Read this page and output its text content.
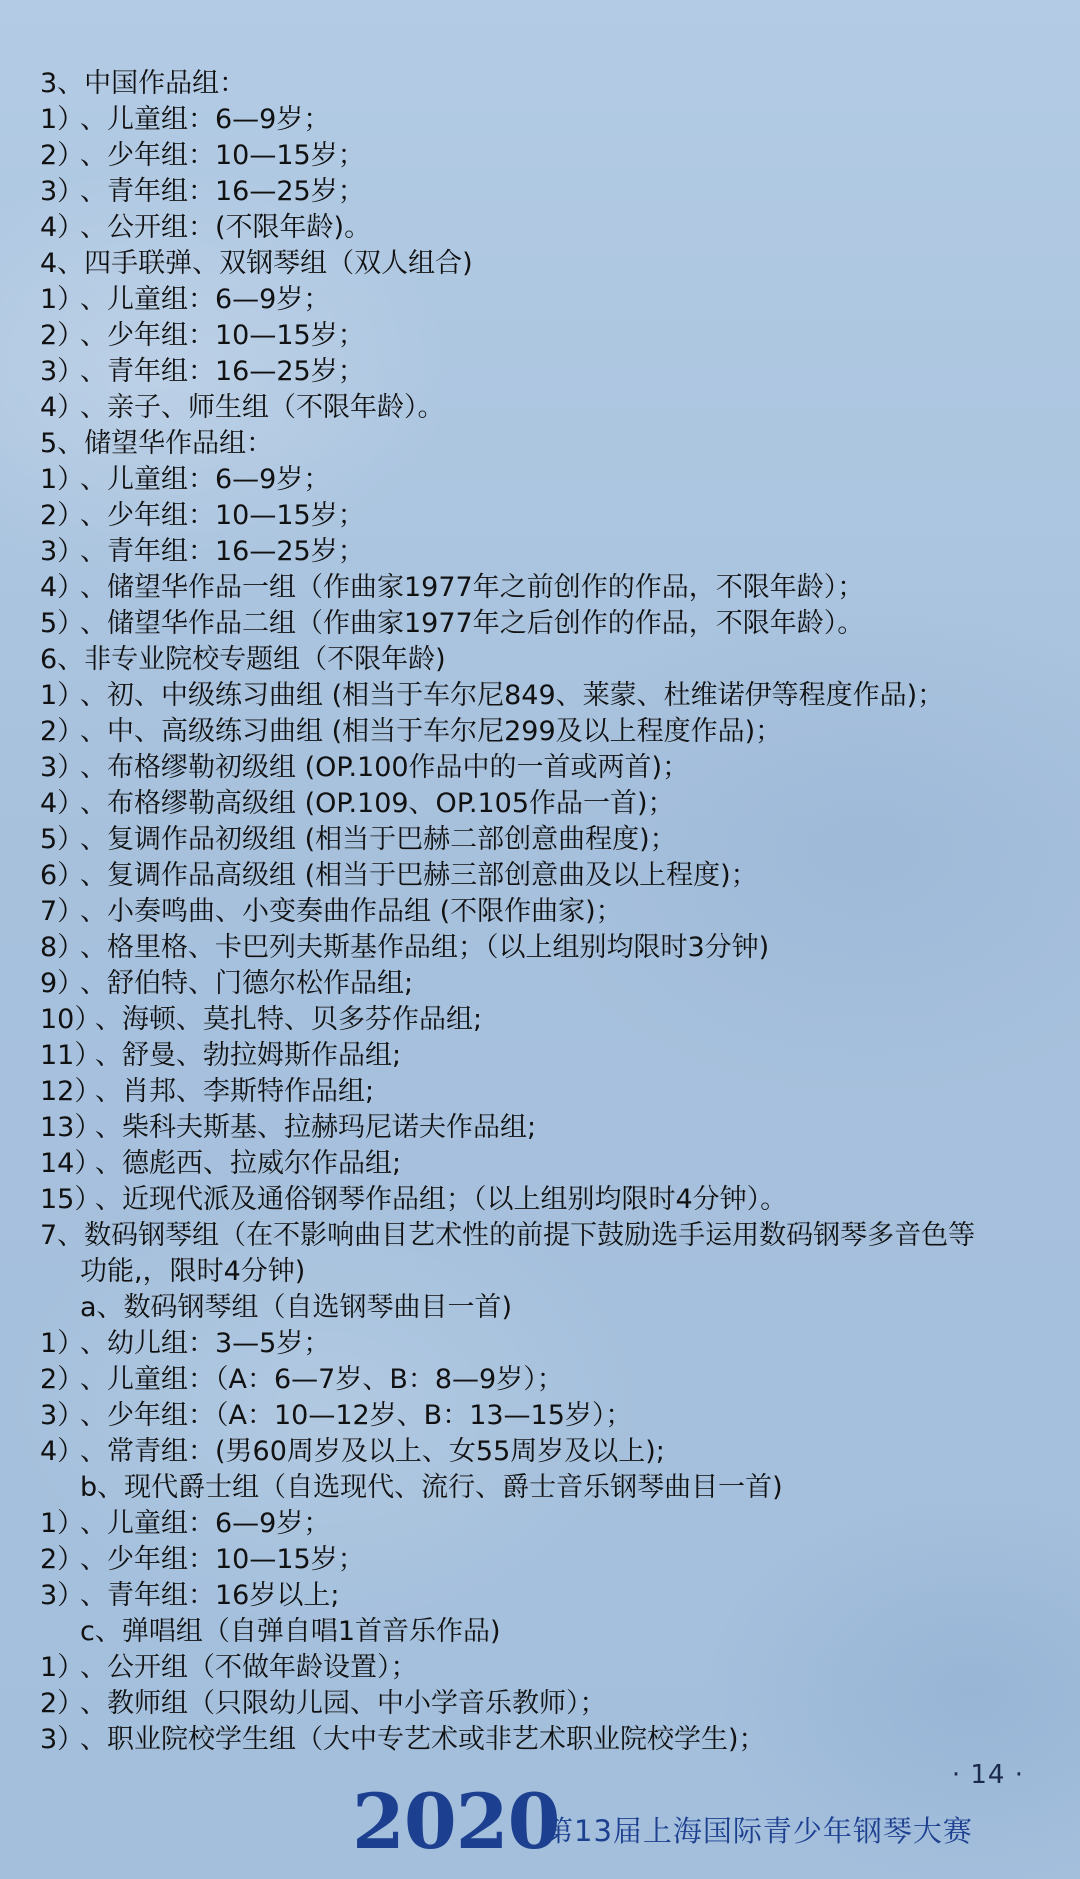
3、中国作品组：
1）
、儿童组：6—9岁；
2）
、少年组：10—15岁；
3）
、青年组：16—25岁；
4）
、公开组：(不限年龄)。
4、四手联弹、双钢琴组（双人组合)
1）
、儿童组：6—9岁；
2）
、少年组：10—15岁；
3）
、青年组：16—25岁；
4）
、亲子、师生组（不限年龄）。
5、储望华作品组：
1）
、儿童组：6—9岁；
2）
、少年组：10—15岁；
3）
、青年组：16—25岁；
4）
、储望华作品一组（作曲家1977年之前创作的作品，不限年龄）；
5）
、储望华作品二组（作曲家1977年之后创作的作品，不限年龄）。
6、非专业院校专题组（不限年龄)
1）
、初、中级练习曲组 (相当于车尔尼849、莱蒙、杜维诺伊等程度作品)；
2）
、中、高级练习曲组 (相当于车尔尼299及以上程度作品)；
3）
、布格缪勒初级组 (OP.100作品中的一首或两首)；
4）
、布格缪勒高级组 (OP.109、OP.105作品一首)；
5）
、复调作品初级组 (相当于巴赫二部创意曲程度)；
6）
、复调作品高级组 (相当于巴赫三部创意曲及以上程度)；
7）
、小奏鸣曲、小变奏曲作品组 (不限作曲家)；
8）
、格里格、卡巴列夫斯基作品组；（以上组别均限时3分钟)
9）
、舒伯特、门德尔松作品组;
10）
、海顿、莫扎特、贝多芬作品组;
11）
、舒曼、勃拉姆斯作品组;
12）
、肖邦、李斯特作品组;
13）
、柴科夫斯基、拉赫玛尼诺夫作品组;
14）
、德彪西、拉威尔作品组;
15）
、近现代派及通俗钢琴作品组；（以上组别均限时4分钟）。
7、数码钢琴组（在不影响曲目艺术性的前提下鼓励选手运用数码钢琴多音色等
功能,，限时4分钟)
a、数码钢琴组（自选钢琴曲目一首)
1）
、幼儿组：3—5岁；
2）
、儿童组：（A：6—7岁、B：8—9岁）；
3）
、少年组：（A：10—12岁、B：13—15岁）；
4）
、常青组：(男60周岁及以上、女55周岁及以上);
b、现代爵士组（自选现代、流行、爵士音乐钢琴曲目一首)
1）
、儿童组：6—9岁；
2）
、少年组：10—15岁；
3）
、青年组：16岁以上;
c、弹唱组（自弹自唱1首音乐作品)
1）
、公开组（不做年龄设置）；
2）
、教师组（只限幼儿园、中小学音乐教师）；
3）
、职业院校学生组（大中专艺术或非艺术职业院校学生)；
· 14 ·
2020
第13届上海国际青少年钢琴大赛
